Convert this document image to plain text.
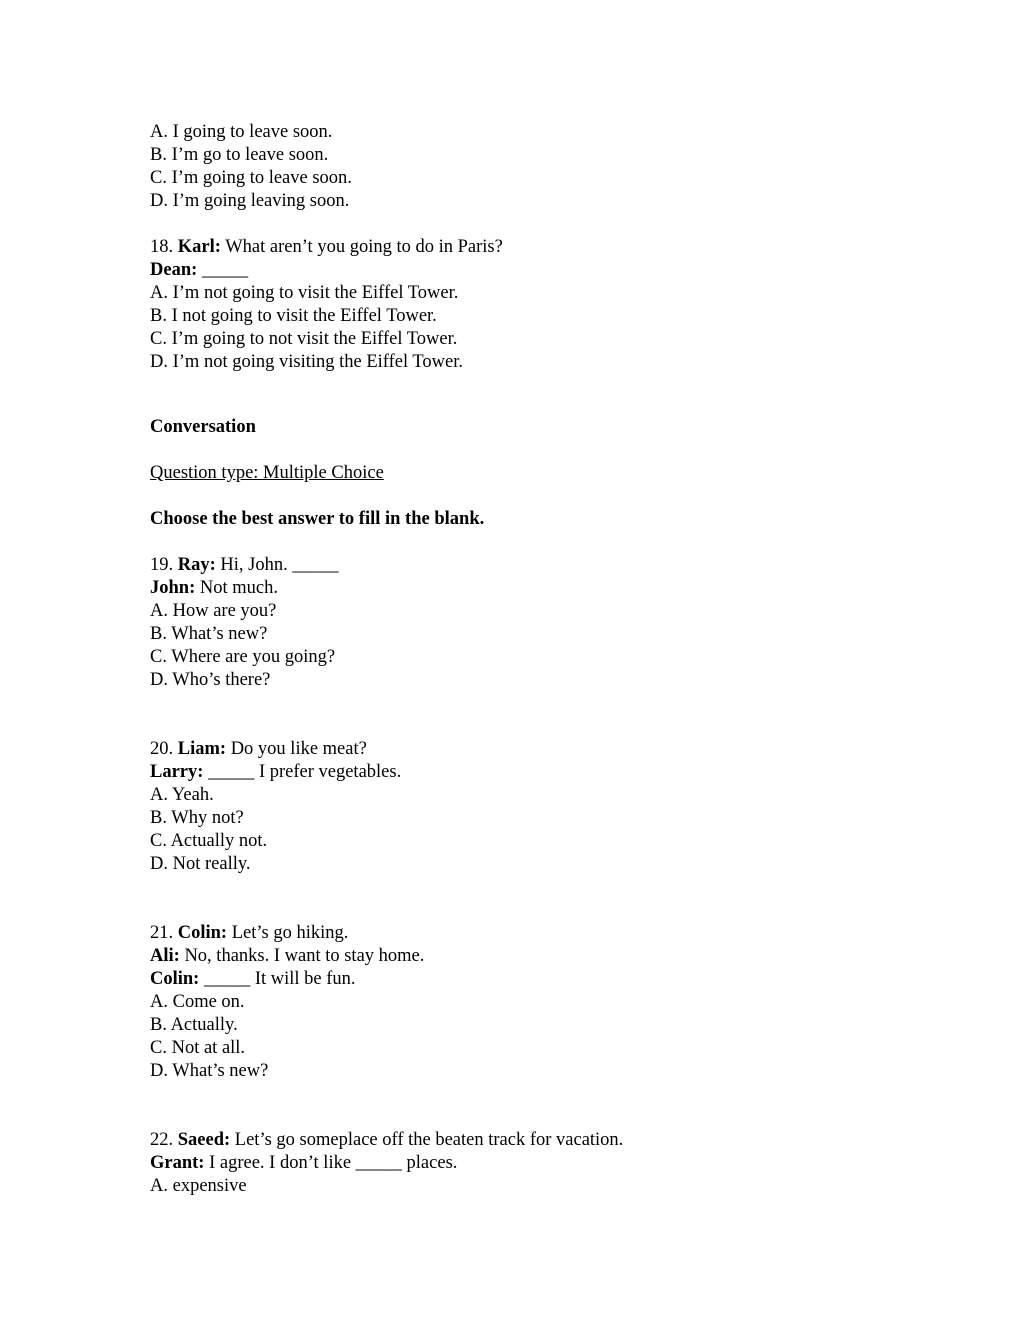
A. I going to leave soon.
B. I’m go to leave soon.
C. I’m going to leave soon.
D. I’m going leaving soon.
18. Karl: What aren’t you going to do in Paris?
Dean: _____
A. I’m not going to visit the Eiffel Tower.
B. I not going to visit the Eiffel Tower.
C. I’m going to not visit the Eiffel Tower.
D. I’m not going visiting the Eiffel Tower.
Conversation
Question type: Multiple Choice
Choose the best answer to fill in the blank.
19. Ray: Hi, John. _____
John: Not much.
A. How are you?
B. What’s new?
C. Where are you going?
D. Who’s there?
20. Liam: Do you like meat?
Larry: _____ I prefer vegetables.
A. Yeah.
B. Why not?
C. Actually not.
D. Not really.
21. Colin: Let’s go hiking.
Ali: No, thanks. I want to stay home.
Colin: _____ It will be fun.
A. Come on.
B. Actually.
C. Not at all.
D. What’s new?
22. Saeed: Let’s go someplace off the beaten track for vacation.
Grant: I agree. I don’t like _____ places.
A. expensive
